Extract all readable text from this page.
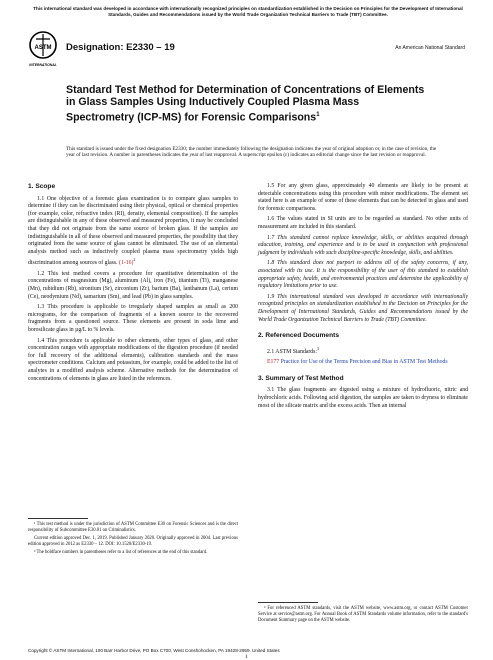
This international standard was developed in accordance with internationally recognized principles on standardization established in the Decision on Principles for the Development of International Standards, Guides and Recommendations issued by the World Trade Organization Technical Barriers to Trade (TBT) Committee.
ASTM
INTERNATIONAL
Designation: E2330 – 19	An American National Standard
Standard Test Method for Determination of Concentrations of Elements in Glass Samples Using Inductively Coupled Plasma Mass Spectrometry (ICP-MS) for Forensic Comparisons$^1$
This standard is issued under the fixed designation E2330; the number immediately following the designation indicates the year of original adoption or, in the case of revision, the year of last revision. A number in parentheses indicates the year of last reapproval. A superscript epsilon (ε) indicates an editorial change since the last revision or reapproval.
1. Scope

1.1 One objective of a forensic glass examination is to compare glass samples to determine if they can be discriminated using their physical, optical or chemical properties (for example, color, refractive index (RI), density, elemental composition). If the samples are distinguishable in any of these observed and measured properties, it may be concluded that they did not originate from the same source of broken glass. If the samples are indistinguishable in all of these observed and measured properties, the possibility that they originated from the same source of glass cannot be eliminated. The use of an elemental analysis method such as inductively coupled plasma mass spectrometry yields high discrimination among sources of glass. $(1-16)^2$

1.2 This test method covers a procedure for quantitative determination of the concentrations of magnesium (Mg), aluminum (Al), iron (Fe), titanium (Ti), manganese (Mn), rubidium (Rb), strontium (Sr), zirconium (Zr), barium (Ba), lanthanum (La), cerium (Ce), neodymium (Nd), samarium (Sm), and lead (Pb) in glass samples.

1.3 This procedure is applicable to irregularly shaped samples as small as 200 micrograms, for the comparison of fragments of a known source to the recovered fragments from a questioned source. These elements are present in soda lime and borosilicate glass in µg/L to % levels.

1.4 This procedure is applicable to other elements, other types of glass, and other concentration ranges with appropriate modifications of the digestion procedure (if needed for full recovery of the additional elements), calibration standards and the mass spectrometer conditions. Calcium and potassium, for example, could be added to the list of analytes in a modified analysis scheme. Alternative methods for the determination of concentrations of elements in glass are listed in the references.

¹ This test method is under the jurisdiction of ASTM Committee E30 on Forensic Sciences and is the direct responsibility of Subcommittee E30.01 on Criminalistics.

Current edition approved Dec. 1, 2019. Published January 2020. Originally approved in 2004. Last previous edition approved in 2012 as E2330 – 12. DOI: 10.1520/E2330-19.

² The boldface numbers in parentheses refer to a list of references at the end of this standard.

1.5 For any given glass, approximately 40 elements are likely to be present at detectable concentrations using this procedure with minor modifications. The element set stated here is an example of some of these elements that can be detected in glass and used for forensic comparisons.

1.6 The values stated in SI units are to be regarded as standard. No other units of measurement are included in this standard.

1.7 This standard cannot replace knowledge, skills, or abilities acquired through education, training, and experience and is to be used in conjunction with professional judgment by individuals with such discipline-specific knowledge, skills, and abilities.

1.8 This standard does not purport to address all of the safety concerns, if any, associated with its use. It is the responsibility of the user of this standard to establish appropriate safety, health, and environmental practices and determine the applicability of regulatory limitations prior to use.

1.9 This international standard was developed in accordance with internationally recognized principles on standardization established in the Decision on Principles for the Development of International Standards, Guides and Recommendations issued by the World Trade Organization Technical Barriers to Trade (TBT) Committee.

2. Referenced Documents

2.1 ASTM Standards:$^3$

E177 Practice for Use of the Terms Precision and Bias in ASTM Test Methods
3. Summary of Test Method

3.1 The glass fragments are digested using a mixture of hydrofluoric, nitric and hydrochloric acids. Following acid digestion, the samples are taken to dryness to eliminate most of the silicate matrix and the excess acids. Then an internal

³ For referenced ASTM standards, visit the ASTM website, www.astm.org, or contact ASTM Customer Service at service@astm.org. For Annual Book of ASTM Standards volume information, refer to the standard's Document Summary page on the ASTM website.

Copyright © ASTM International, 100 Barr Harbor Drive, PO Box C700, West Conshohocken, PA 19428-2959. United States
1
